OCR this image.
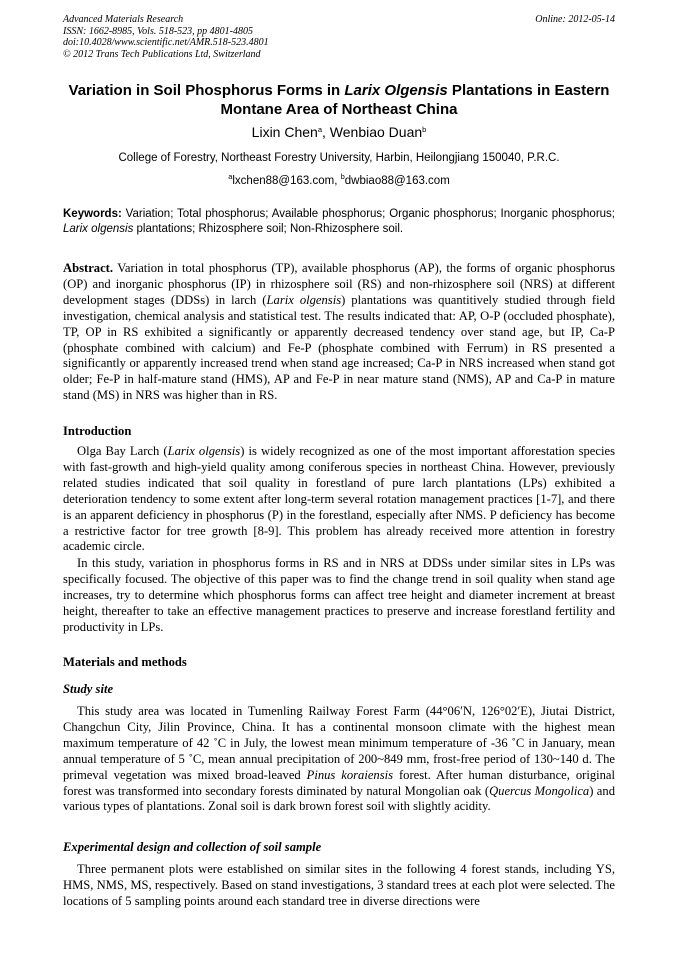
Advanced Materials Research
ISSN: 1662-8985, Vols. 518-523, pp 4801-4805
doi:10.4028/www.scientific.net/AMR.518-523.4801
© 2012 Trans Tech Publications Ltd, Switzerland
Online: 2012-05-14
Variation in Soil Phosphorus Forms in Larix Olgensis Plantations in Eastern Montane Area of Northeast China
Lixin Chen$^a$, Wenbiao Duan$^b$
College of Forestry, Northeast Forestry University, Harbin, Heilongjiang 150040, P.R.C.
$^a$lxchen88@163.com, $^b$dwbiao88@163.com
Keywords: Variation; Total phosphorus; Available phosphorus; Organic phosphorus; Inorganic phosphorus; Larix olgensis plantations; Rhizosphere soil; Non-Rhizosphere soil.
Abstract. Variation in total phosphorus (TP), available phosphorus (AP), the forms of organic phosphorus (OP) and inorganic phosphorus (IP) in rhizosphere soil (RS) and non-rhizosphere soil (NRS) at different development stages (DDSs) in larch (Larix olgensis) plantations was quantitively studied through field investigation, chemical analysis and statistical test. The results indicated that: AP, O-P (occluded phosphate), TP, OP in RS exhibited a significantly or apparently decreased tendency over stand age, but IP, Ca-P (phosphate combined with calcium) and Fe-P (phosphate combined with Ferrum) in RS presented a significantly or apparently increased trend when stand age increased; Ca-P in NRS increased when stand got older; Fe-P in half-mature stand (HMS), AP and Fe-P in near mature stand (NMS), AP and Ca-P in mature stand (MS) in NRS was higher than in RS.
Introduction
Olga Bay Larch (Larix olgensis) is widely recognized as one of the most important afforestation species with fast-growth and high-yield quality among coniferous species in northeast China. However, previously related studies indicated that soil quality in forestland of pure larch plantations (LPs) exhibited a deterioration tendency to some extent after long-term several rotation management practices [1-7], and there is an apparent deficiency in phosphorus (P) in the forestland, especially after NMS. P deficiency has become a restrictive factor for tree growth [8-9]. This problem has already received more attention in forestry academic circle.
In this study, variation in phosphorus forms in RS and in NRS at DDSs under similar sites in LPs was specifically focused. The objective of this paper was to find the change trend in soil quality when stand age increases, try to determine which phosphorus forms can affect tree height and diameter increment at breast height, thereafter to take an effective management practices to preserve and increase forestland fertility and productivity in LPs.
Materials and methods
Study site
This study area was located in Tumenling Railway Forest Farm (44°06′N, 126°02′E), Jiutai District, Changchun City, Jilin Province, China. It has a continental monsoon climate with the highest mean maximum temperature of 42 ˚C in July, the lowest mean minimum temperature of -36 ˚C in January, mean annual temperature of 5 ˚C, mean annual precipitation of 200~849 mm, frost-free period of 130~140 d. The primeval vegetation was mixed broad-leaved Pinus koraiensis forest. After human disturbance, original forest was transformed into secondary forests diminated by natural Mongolian oak (Quercus Mongolica) and various types of plantations. Zonal soil is dark brown forest soil with slightly acidity.
Experimental design and collection of soil sample
Three permanent plots were established on similar sites in the following 4 forest stands, including YS, HMS, NMS, MS, respectively. Based on stand investigations, 3 standard trees at each plot were selected. The locations of 5 sampling points around each standard tree in diverse directions were
